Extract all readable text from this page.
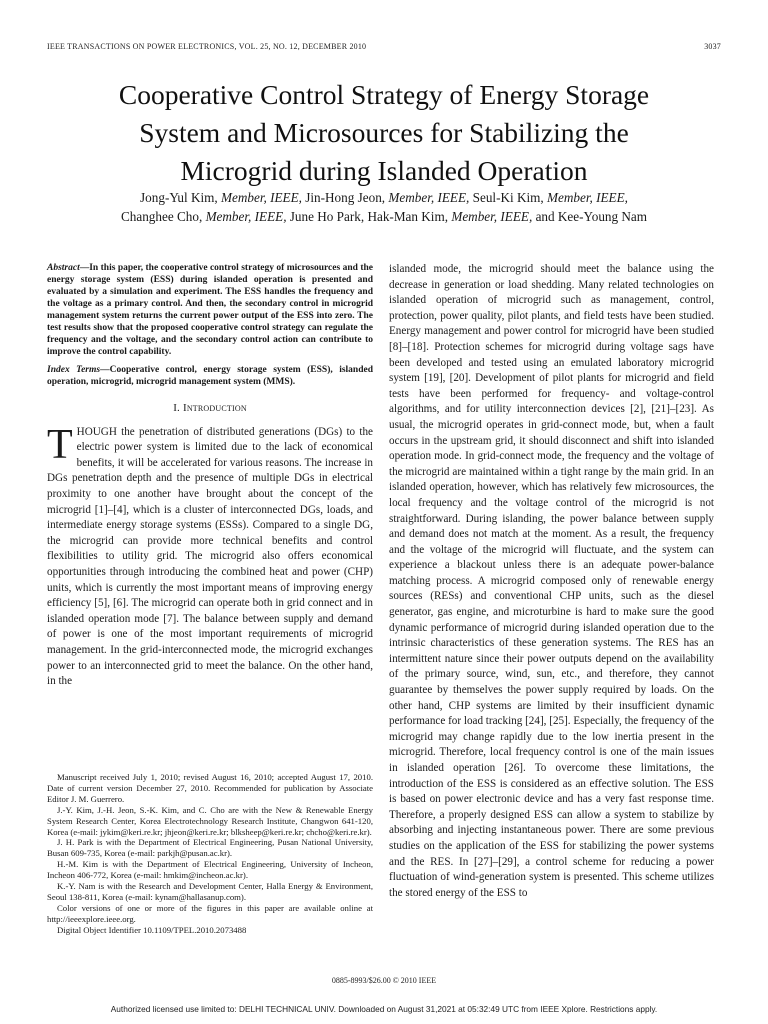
IEEE TRANSACTIONS ON POWER ELECTRONICS, VOL. 25, NO. 12, DECEMBER 2010	3037
Cooperative Control Strategy of Energy Storage
System and Microsources for Stabilizing the
Microgrid during Islanded Operation
Jong-Yul Kim, Member, IEEE, Jin-Hong Jeon, Member, IEEE, Seul-Ki Kim, Member, IEEE,
Changhee Cho, Member, IEEE, June Ho Park, Hak-Man Kim, Member, IEEE, and Kee-Young Nam
Abstract—In this paper, the cooperative control strategy of microsources and the energy storage system (ESS) during islanded operation is presented and evaluated by a simulation and experiment. The ESS handles the frequency and the voltage as a primary control. And then, the secondary control in microgrid management system returns the current power output of the ESS into zero. The test results show that the proposed cooperative control strategy can regulate the frequency and the voltage, and the secondary control action can contribute to improve the control capability.
Index Terms—Cooperative control, energy storage system (ESS), islanded operation, microgrid, microgrid management system (MMS).
I. Introduction
THOUGH the penetration of distributed generations (DGs) to the electric power system is limited due to the lack of economical benefits, it will be accelerated for various reasons. The increase in DGs penetration depth and the presence of multiple DGs in electrical proximity to one another have brought about the concept of the microgrid [1]–[4], which is a cluster of interconnected DGs, loads, and intermediate energy storage systems (ESSs). Compared to a single DG, the microgrid can provide more technical benefits and control flexibilities to utility grid. The microgrid also offers economical opportunities through introducing the combined heat and power (CHP) units, which is currently the most important means of improving energy efficiency [5], [6]. The microgrid can operate both in grid connect and in islanded operation mode [7]. The balance between supply and demand of power is one of the most important requirements of microgrid management. In the grid-interconnected mode, the microgrid exchanges power to an interconnected grid to meet the balance. On the other hand, in the

islanded mode, the microgrid should meet the balance using the decrease in generation or load shedding. Many related technologies on islanded operation of microgrid such as management, control, protection, power quality, pilot plants, and field tests have been studied. Energy management and power control for microgrid have been studied [8]–[18]. Protection schemes for microgrid during voltage sags have been developed and tested using an emulated laboratory microgrid system [19], [20]. Development of pilot plants for microgrid and field tests have been performed for frequency- and voltage-control algorithms, and for utility interconnection devices [2], [21]–[23]. As usual, the microgrid operates in grid-connect mode, but, when a fault occurs in the upstream grid, it should disconnect and shift into islanded operation mode. In grid-connect mode, the frequency and the voltage of the microgrid are maintained within a tight range by the main grid. In an islanded operation, however, which has relatively few microsources, the local frequency and the voltage control of the microgrid is not straightforward. During islanding, the power balance between supply and demand does not match at the moment. As a result, the frequency and the voltage of the microgrid will fluctuate, and the system can experience a blackout unless there is an adequate power-balance matching process. A microgrid composed only of renewable energy sources (RESs) and conventional CHP units, such as the diesel generator, gas engine, and microturbine is hard to make sure the good dynamic performance of microgrid during islanded operation due to the intrinsic characteristics of these generation systems. The RES has an intermittent nature since their power outputs depend on the availability of the primary source, wind, sun, etc., and therefore, they cannot guarantee by themselves the power supply required by loads. On the other hand, CHP systems are limited by their insufficient dynamic performance for load tracking [24], [25]. Especially, the frequency of the microgrid may change rapidly due to the low inertia present in the microgrid. Therefore, local frequency control is one of the main issues in islanded operation [26]. To overcome these limitations, the introduction of the ESS is considered as an effective solution. The ESS is based on power electronic device and has a very fast response time. Therefore, a properly designed ESS can allow a system to stabilize by absorbing and injecting instantaneous power. There are some previous studies on the application of the ESS for stabilizing the power systems and the RES. In [27]–[29], a control scheme for reducing a power fluctuation of wind-generation system is presented. This scheme utilizes the stored energy of the ESS to

Manuscript received July 1, 2010; revised August 16, 2010; accepted August 17, 2010. Date of current version December 27, 2010. Recommended for publication by Associate Editor J. M. Guerrero.

J.-Y. Kim, J.-H. Jeon, S.-K. Kim, and C. Cho are with the New & Renewable Energy System Research Center, Korea Electrotechnology Research Institute, Changwon 641-120, Korea (e-mail: jykim@keri.re.kr; jhjeon@keri.re.kr; blksheep@keri.re.kr; chcho@keri.re.kr).

J. H. Park is with the Department of Electrical Engineering, Pusan National University, Busan 609-735, Korea (e-mail: parkjh@pusan.ac.kr).

H.-M. Kim is with the Department of Electrical Engineering, University of Incheon, Incheon 406-772, Korea (e-mail: hmkim@incheon.ac.kr).

K.-Y. Nam is with the Research and Development Center, Halla Energy & Environment, Seoul 138-811, Korea (e-mail: kynam@hallasanup.com).

Color versions of one or more of the figures in this paper are available online at http://ieeexplore.ieee.org.

Digital Object Identifier 10.1109/TPEL.2010.2073488

0885-8993/$26.00 © 2010 IEEE
Authorized licensed use limited to: DELHI TECHNICAL UNIV. Downloaded on August 31,2021 at 05:32:49 UTC from IEEE Xplore. Restrictions apply.
